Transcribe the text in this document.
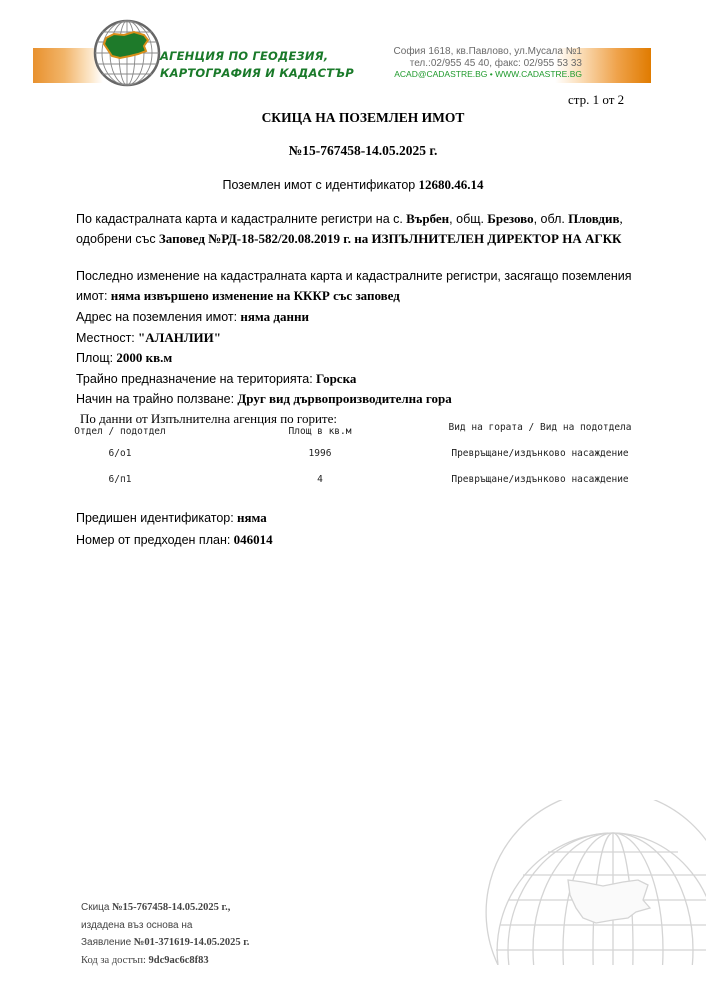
АГЕНЦИЯ ПО ГЕОДЕЗИЯ,
КАРТОГРАФИЯ И КАДАСТЪР
София 1618, кв.Павлово, ул.Мусала №1
тел.:02/955 45 40, факс: 02/955 53 33
ACAD@CADASTRE.BG • WWW.CADASTRE.BG
стр. 1 от 2
СКИЦА НА ПОЗЕМЛЕН ИМОТ
№15-767458-14.05.2025 г.
Поземлен имот с идентификатор 12680.46.14
По кадастралната карта и кадастралните регистри на с. Върбен, общ. Брезово, обл. Пловдив, одобрени със Заповед №РД-18-582/20.08.2019 г. на ИЗПЪЛНИТЕЛЕН ДИРЕКТОР НА АГКК
Последно изменение на кадастралната карта и кадастралните регистри, засягащо поземления имот: няма извършено изменение на КККР със заповед
Адрес на поземления имот: няма данни
Местност: "АЛАНЛИИ"
Площ: 2000 кв.м
Трайно предназначение на територията: Горска
Начин на трайно ползване: Друг вид дървопроизводителна гора
По данни от Изпълнителна агенция по горите:
Отдел / подотдел	Площ в кв.м	Вид на гората / Вид на подотдела
6/о1	1996	Превръщане/издънково насаждение
6/п1	4	Превръщане/издънково насаждение
Предишен идентификатор: няма
Номер от предходен план: 046014
Скица №15-767458-14.05.2025 г.,
издадена въз основа на
Заявление №01-371619-14.05.2025 г.
Код за достъп: 9dc9ac6c8f83
